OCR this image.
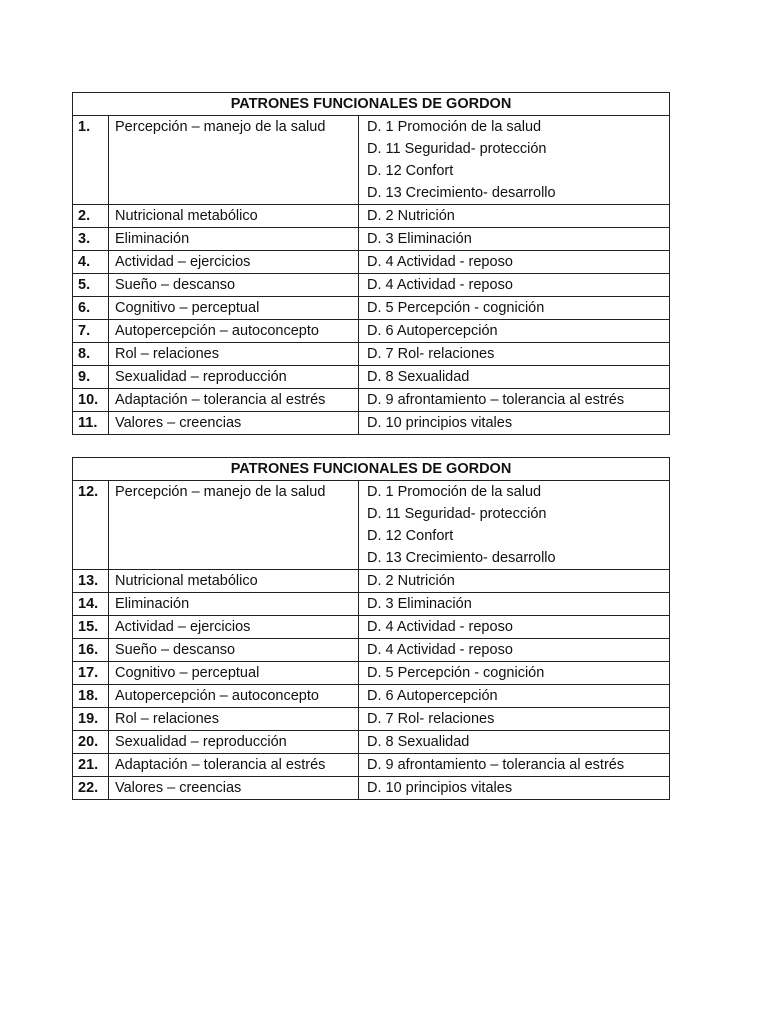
PATRONES FUNCIONALES DE GORDON		
1.	Percepción – manejo de la salud	D. 1 Promoción de la salud
D. 11 Seguridad- protección
D. 12 Confort
D. 13 Crecimiento- desarrollo

2.	Nutricional metabólico	D. 2 Nutrición

3.	Eliminación	D. 3 Eliminación

4.	Actividad – ejercicios	D. 4 Actividad - reposo

5.	Sueño – descanso	D. 4 Actividad - reposo

6.	Cognitivo – perceptual	D. 5 Percepción - cognición

7.	Autopercepción – autoconcepto	D. 6 Autopercepción

8.	Rol – relaciones	D. 7 Rol- relaciones

9.	Sexualidad – reproducción	D. 8 Sexualidad

10.	Adaptación – tolerancia al estrés	D. 9 afrontamiento – tolerancia al estrés

11.	Valores – creencias	D. 10 principios vitales
PATRONES FUNCIONALES DE GORDON		
12.	Percepción – manejo de la salud	D. 1 Promoción de la salud
D. 11 Seguridad- protección
D. 12 Confort
D. 13 Crecimiento- desarrollo

13.	Nutricional metabólico	D. 2 Nutrición

14.	Eliminación	D. 3 Eliminación

15.	Actividad – ejercicios	D. 4 Actividad - reposo

16.	Sueño – descanso	D. 4 Actividad - reposo

17.	Cognitivo – perceptual	D. 5 Percepción - cognición

18.	Autopercepción – autoconcepto	D. 6 Autopercepción

19.	Rol – relaciones	D. 7 Rol- relaciones

20.	Sexualidad – reproducción	D. 8 Sexualidad

21.	Adaptación – tolerancia al estrés	D. 9 afrontamiento – tolerancia al estrés

22.	Valores – creencias	D. 10 principios vitales
